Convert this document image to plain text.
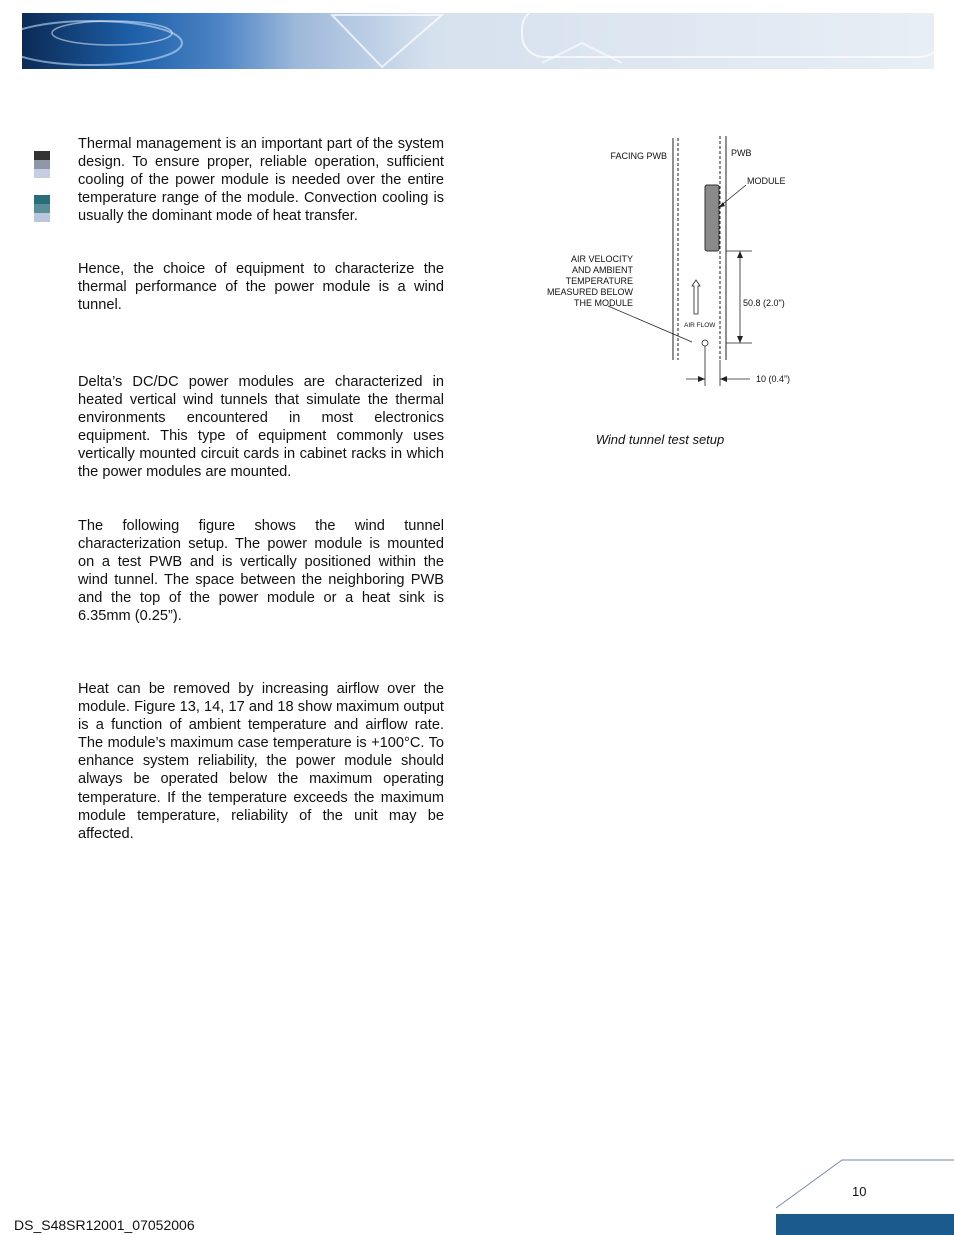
Thermal management is an important part of the system design. To ensure proper, reliable operation, sufficient cooling of the power module is needed over the entire temperature range of the module. Convection cooling is usually the dominant mode of heat transfer.

Hence, the choice of equipment to characterize the thermal performance of the power module is a wind tunnel.

Delta’s DC/DC power modules are characterized in heated vertical wind tunnels that simulate the thermal environments encountered in most electronics equipment. This type of equipment commonly uses vertically mounted circuit cards in cabinet racks in which the power modules are mounted.

The following figure shows the wind tunnel characterization setup. The power module is mounted on a test PWB and is vertically positioned within the wind tunnel. The space between the neighboring PWB and the top of the power module or a heat sink is 6.35mm (0.25”).

Heat can be removed by increasing airflow over the module. Figure 13, 14, 17 and 18 show maximum output is a function of ambient temperature and airflow rate. The module’s maximum case temperature is +100°C. To enhance system reliability, the power module should always be operated below the maximum operating temperature. If the temperature exceeds the maximum module temperature, reliability of the unit may be affected.

FACING PWB	PWB
MODULE
AIR VELOCITY
AND AMBIENT
TEMPERATURE
MEASURED BELOW
THE MODULE
AIR FLOW
50.8 (2.0")
10 (0.4”)
Wind tunnel test setup
10
DS_S48SR12001_07052006
